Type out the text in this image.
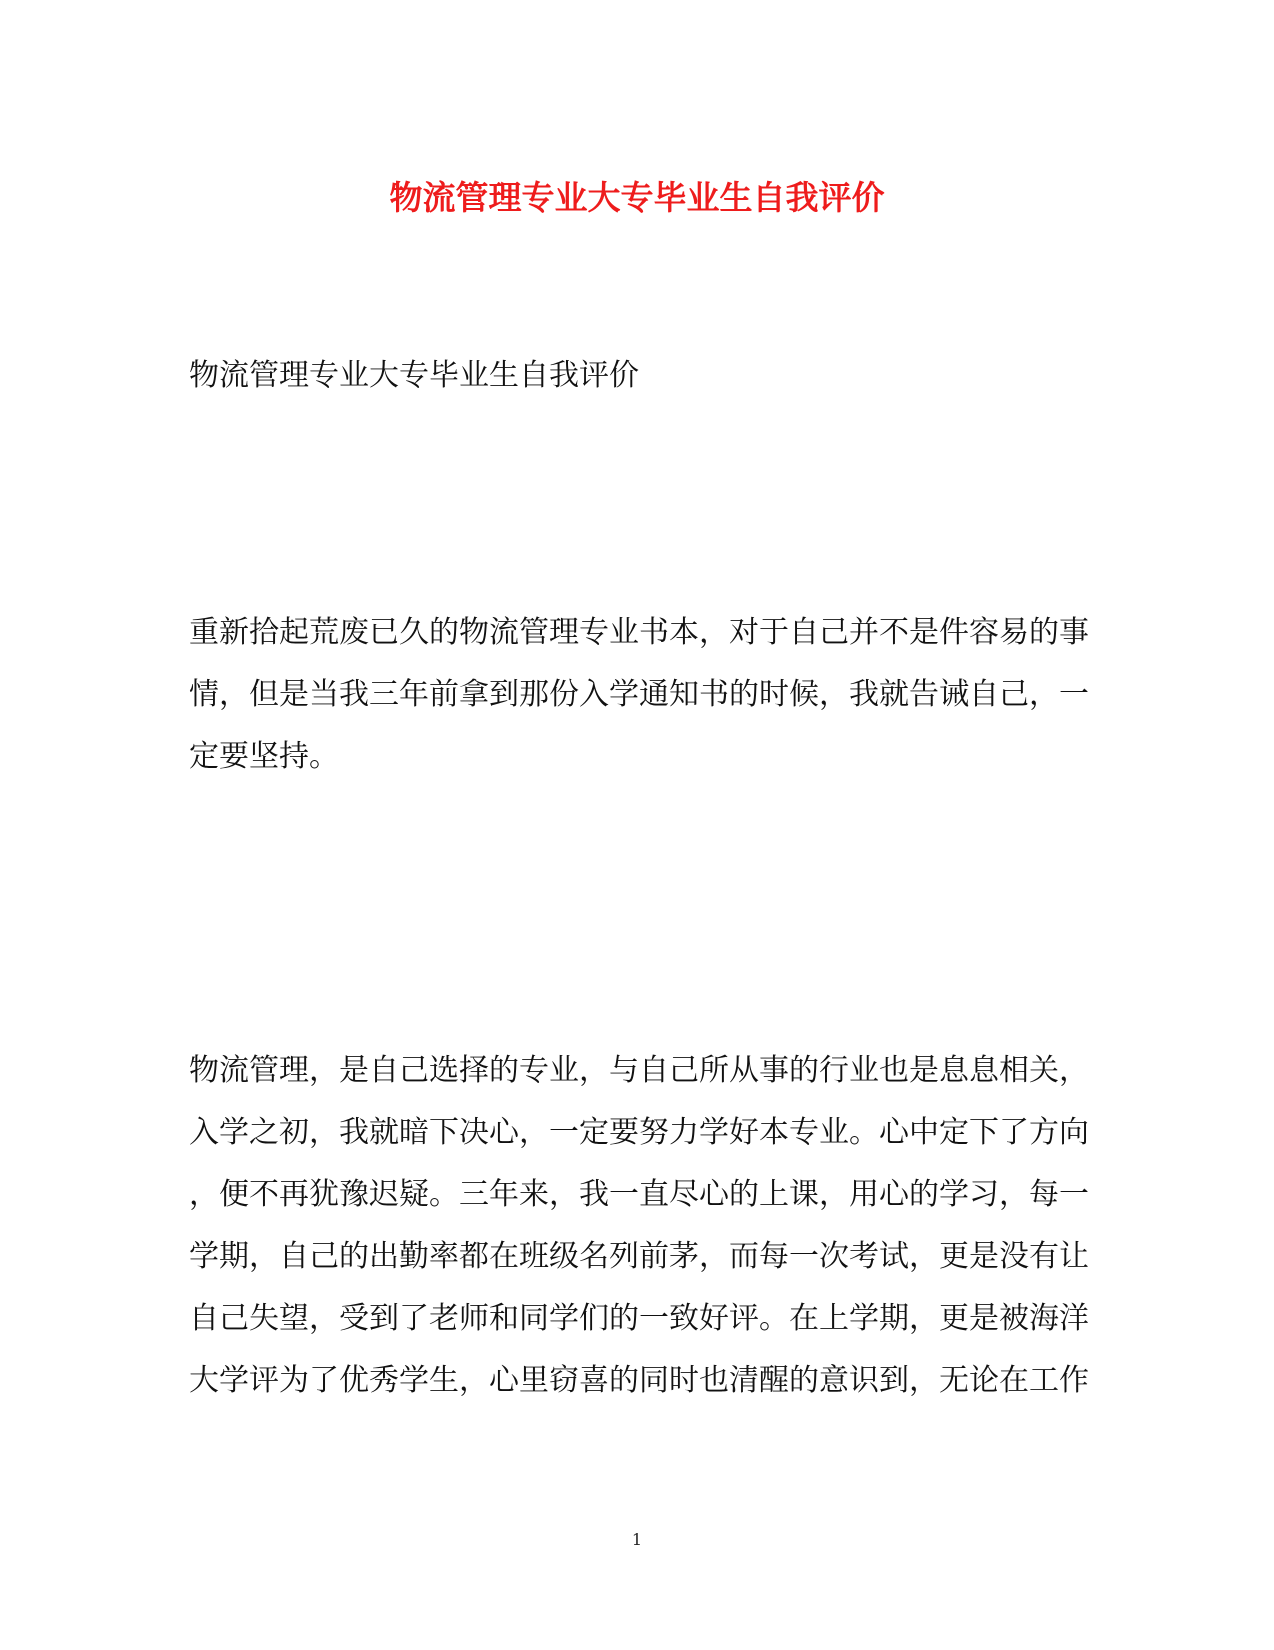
物流管理专业大专毕业生自我评价
物流管理专业大专毕业生自我评价
重新拾起荒废已久的物流管理专业书本，对于自己并不是件容易的事
情，但是当我三年前拿到那份入学通知书的时候，我就告诫自己，一
定要坚持。
物流管理，是自己选择的专业，与自己所从事的行业也是息息相关，
入学之初，我就暗下决心，一定要努力学好本专业。心中定下了方向
，便不再犹豫迟疑。三年来，我一直尽心的上课，用心的学习，每一
学期，自己的出勤率都在班级名列前茅，而每一次考试，更是没有让
自己失望，受到了老师和同学们的一致好评。在上学期，更是被海洋
大学评为了优秀学生，心里窃喜的同时也清醒的意识到，无论在工作
1
